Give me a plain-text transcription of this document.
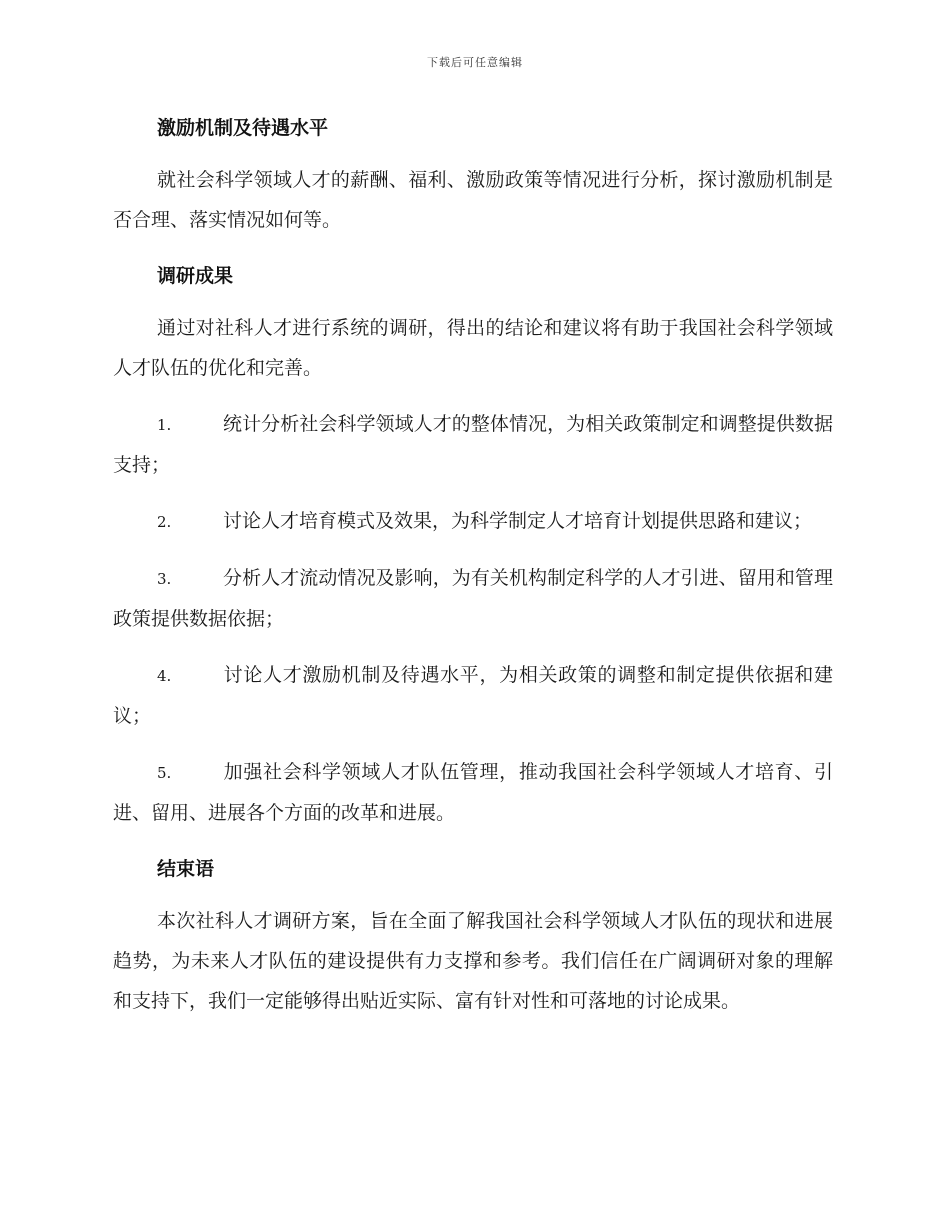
下载后可任意编辑
激励机制及待遇水平

就社会科学领域人才的薪酬、福利、激励政策等情况进行分析，探讨激励机制是否合理、落实情况如何等。

调研成果

通过对社科人才进行系统的调研，得出的结论和建议将有助于我国社会科学领域人才队伍的优化和完善。

1.	统计分析社会科学领域人才的整体情况，为相关政策制定和调整提供数据支持；

2.	讨论人才培育模式及效果，为科学制定人才培育计划提供思路和建议；

3.	分析人才流动情况及影响，为有关机构制定科学的人才引进、留用和管理政策提供数据依据；

4.	讨论人才激励机制及待遇水平，为相关政策的调整和制定提供依据和建议；

5.	加强社会科学领域人才队伍管理，推动我国社会科学领域人才培育、引进、留用、进展各个方面的改革和进展。

结束语

本次社科人才调研方案，旨在全面了解我国社会科学领域人才队伍的现状和进展趋势，为未来人才队伍的建设提供有力支撑和参考。我们信任在广阔调研对象的理解和支持下，我们一定能够得出贴近实际、富有针对性和可落地的讨论成果。
